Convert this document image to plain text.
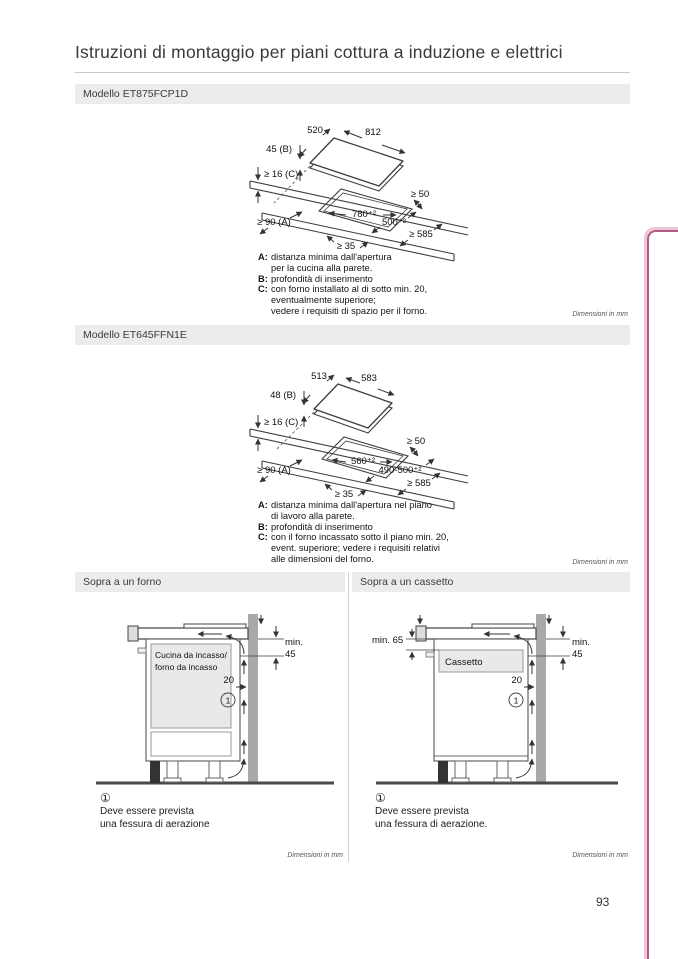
Istruzioni di montaggio per piani cottura a induzione e elettrici
Modello ET875FCP1D
520	812
45 (B)
≥ 16 (C)
≥ 90 (A)
780⁺²
500⁺²
≥ 50
≥ 585
≥ 35
A: distanza minima dall'apertura
per la cucina alla parete.
B: profondità di inserimento
C: con forno installato al di sotto min. 20,
eventualmente superiore;
vedere i requisiti di spazio per il forno.	Dimensioni in mm
Modello ET645FFN1E
513	583
48 (B)
≥ 16 (C)
≥ 90 (A)
560⁺²
490-500⁺²
≥ 50
≥ 585
≥ 35
A: distanza minima dall'apertura nel piano
di lavoro alla parete.
B: profondità di inserimento
C: con il forno incassato sotto il piano min. 20,
event. superiore; vedere i requisiti relativi
alle dimensioni del forno.	Dimensioni in mm
Sopra a un forno	Sopra a un cassetto
Cucina da incasso/
forno da incasso
min.
45
20
1
Cassetto
min. 65	min.
45
20
1
①
Deve essere prevista
una fessura di aerazione
①
Deve essere prevista
una fessura di aerazione.
Dimensioni in mm	Dimensioni in mm
93
